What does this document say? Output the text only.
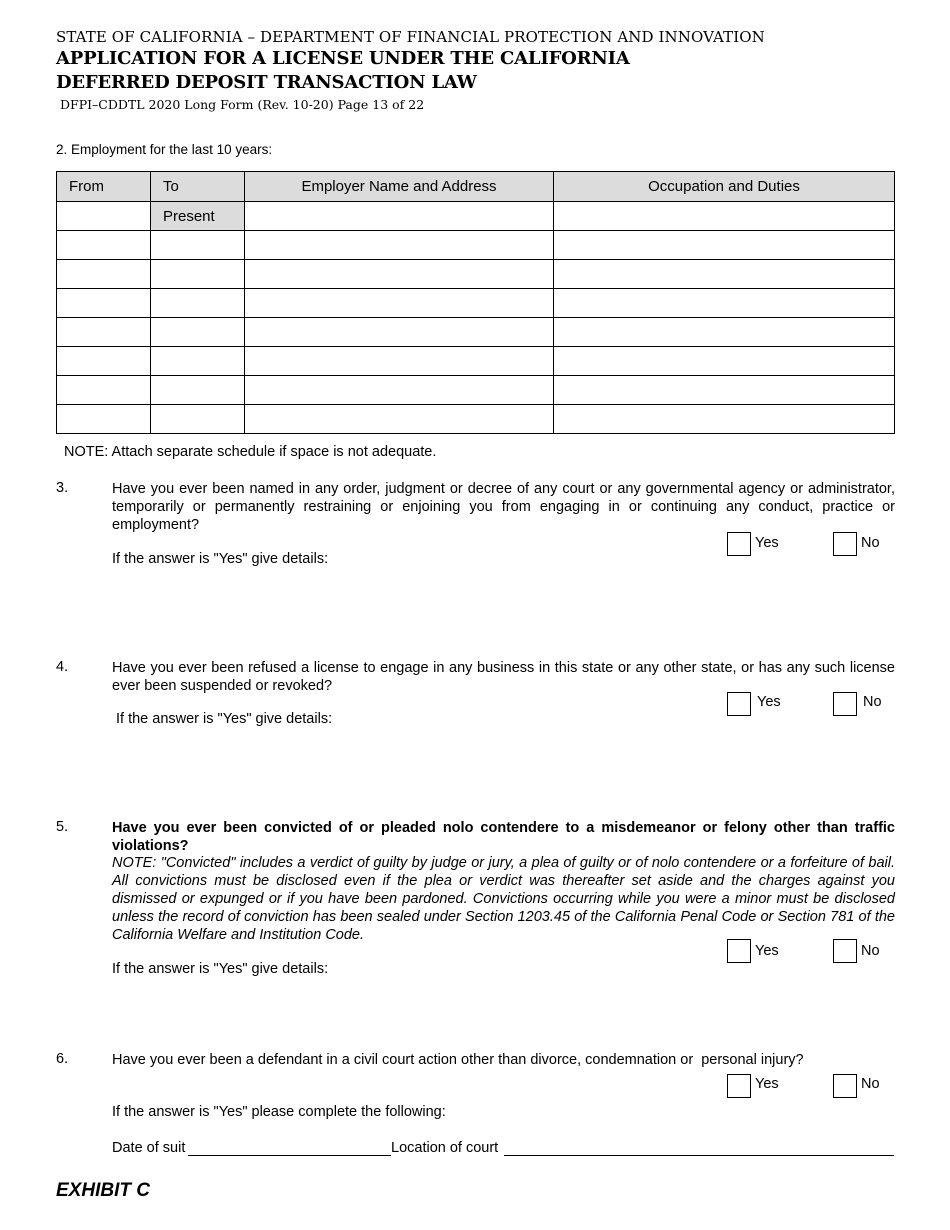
STATE OF CALIFORNIA – DEPARTMENT OF FINANCIAL PROTECTION AND INNOVATION
APPLICATION FOR A LICENSE UNDER THE CALIFORNIA
DEFERRED DEPOSIT TRANSACTION LAW
DFPI–CDDTL 2020 Long Form (Rev. 10-20) Page 13 of 22
2. Employment for the last 10 years:
From	To	Employer Name and Address	Occupation and Duties
	Present		

NOTE: Attach separate schedule if space is not adequate.
3.	Have you ever been named in any order, judgment or decree of any court or any governmental agency or administrator, temporarily or permanently restraining or enjoining you from engaging in or continuing any conduct, practice or employment?
Yes	No
If the answer is "Yes" give details:
4.	Have you ever been refused a license to engage in any business in this state or any other state, or has any such license ever been suspended or revoked?
Yes	No
If the answer is "Yes" give details:
5.	Have you ever been convicted of or pleaded nolo contendere to a misdemeanor or felony other than traffic violations?
NOTE: "Convicted" includes a verdict of guilty by judge or jury, a plea of guilty or of nolo contendere or a forfeiture of bail. All convictions must be disclosed even if the plea or verdict was thereafter set aside and the charges against you dismissed or expunged or if you have been pardoned. Convictions occurring while you were a minor must be disclosed unless the record of conviction has been sealed under Section 1203.45 of the California Penal Code or Section 781 of the California Welfare and Institution Code.
Yes	No
If the answer is "Yes" give details:
6.	Have you ever been a defendant in a civil court action other than divorce, condemnation or  personal injury?
Yes	No
If the answer is "Yes" please complete the following:
Date of suit	Location of court
EXHIBIT C
